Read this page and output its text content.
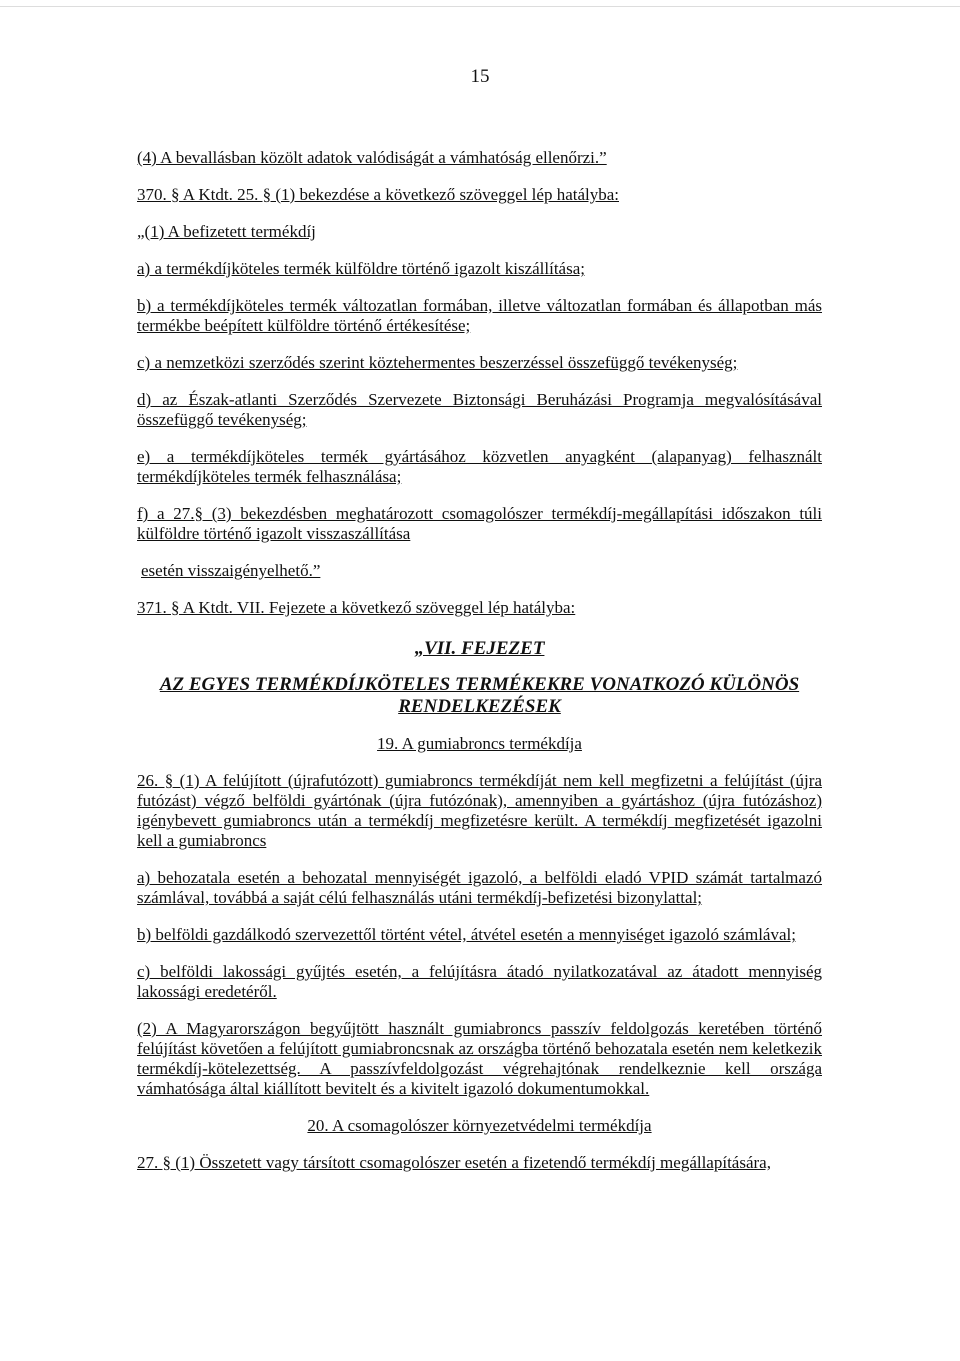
15

(4) A bevallásban közölt adatok valódiságát a vámhatóság ellenőrzi.”

370. § A Ktdt. 25. § (1) bekezdése a következő szöveggel lép hatályba:

„(1) A befizetett termékdíj

a) a termékdíjköteles termék külföldre történő igazolt kiszállítása;

b) a termékdíjköteles termék változatlan formában, illetve változatlan formában és állapotban más termékbe beépített külföldre történő értékesítése;

c) a nemzetközi szerződés szerint köztehermentes beszerzéssel összefüggő tevékenység;

d) az Észak-atlanti Szerződés Szervezete Biztonsági Beruházási Programja megvalósításával összefüggő tevékenység;

e) a termékdíjköteles termék gyártásához közvetlen anyagként (alapanyag) felhasznált termékdíjköteles termék felhasználása;

f) a 27.§ (3) bekezdésben meghatározott csomagolószer termékdíj-megállapítási időszakon túli külföldre történő igazolt visszaszállítása

esetén visszaigényelhető.”

371. § A Ktdt. VII. Fejezete a következő szöveggel lép hatályba:

„VII. FEJEZET
AZ EGYES TERMÉKDÍJKÖTELES TERMÉKEKRE VONATKOZÓ KÜLÖNÖS RENDELKEZÉSEK

19. A gumiabroncs termékdíja

26. § (1) A felújított (újrafutózott) gumiabroncs termékdíját nem kell megfizetni a felújítást (újra futózást) végző belföldi gyártónak (újra futózónak), amennyiben a gyártáshoz (újra futózáshoz) igénybevett gumiabroncs után a termékdíj megfizetésre került. A termékdíj megfizetését igazolni kell a gumiabroncs

a) behozatala esetén a behozatal mennyiségét igazoló, a belföldi eladó VPID számát tartalmazó számlával, továbbá a saját célú felhasználás utáni termékdíj-befizetési bizonylattal;

b) belföldi gazdálkodó szervezettől történt vétel, átvétel esetén a mennyiséget igazoló számlával;

c) belföldi lakossági gyűjtés esetén, a felújításra átadó nyilatkozatával az átadott mennyiség lakossági eredetéről.

(2) A Magyarországon begyűjtött használt gumiabroncs passzív feldolgozás keretében történő felújítást követően a felújított gumiabroncsnak az országba történő behozatala esetén nem keletkezik termékdíj-kötelezettség. A passzívfeldolgozást végrehajtónak rendelkeznie kell országa vámhatósága által kiállított bevitelt és a kivitelt igazoló dokumentumokkal.

20. A csomagolószer környezetvédelmi termékdíja

27. § (1) Összetett vagy társított csomagolószer esetén a fizetendő termékdíj megállapítására,
